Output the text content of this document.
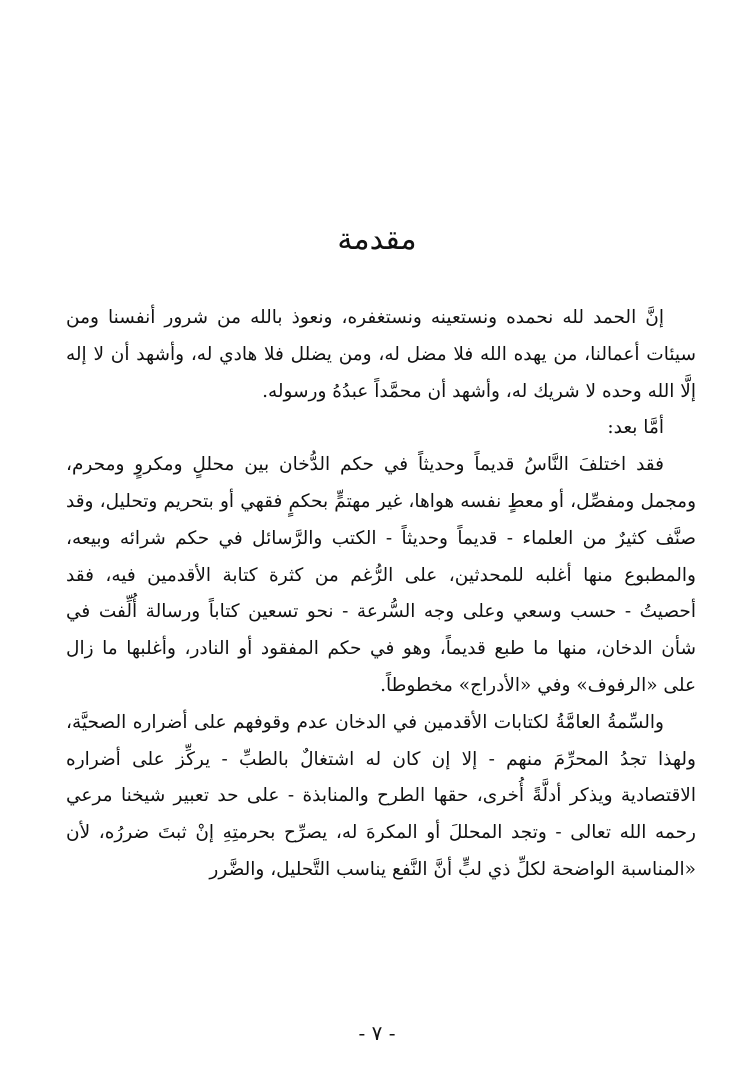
مقدمة

إنَّ الحمد لله نحمده ونستعينه ونستغفره، ونعوذ بالله من شرور أنفسنا ومن سيئات أعمالنا، من يهده الله فلا مضل له، ومن يضلل فلا هادي له، وأشهد أن لا إله إلَّا الله وحده لا شريك له، وأشهد أن محمَّداً عبدُهُ ورسوله.

أمَّا بعد:

فقد اختلفَ النَّاسُ قديماً وحديثاً في حكم الدُّخان بين محللٍ ومكروٍ ومحرم، ومجمل ومفصِّل، أو معطٍ نفسه هواها، غير مهتمٍّ بحكمٍ فقهي أو بتحريم وتحليل، وقد صنَّف كثيرٌ من العلماء - قديماً وحديثاً - الكتب والرَّسائل في حكم شرائه وبيعه، والمطبوع منها أغلبه للمحدثين، على الرُّغم من كثرة كتابة الأقدمين فيه، فقد أحصيتُ - حسب وسعي وعلى وجه السُّرعة - نحو تسعين كتاباً ورسالة أُلِّفت في شأن الدخان، منها ما طبع قديماً، وهو في حكم المفقود أو النادر، وأغلبها ما زال على «الرفوف» وفي «الأدراج» مخطوطاً.

والسِّمةُ العامَّةُ لكتابات الأقدمين في الدخان عدم وقوفهم على أضراره الصحيَّة، ولهذا تجدُ المحرِّمَ منهم - إلا إن كان له اشتغالٌ بالطبِّ - يركِّز على أضراره الاقتصادية ويذكر أدلَّةً أُخرى، حقها الطرح والمنابذة - على حد تعبير شيخنا مرعي رحمه الله تعالى - وتجد المحللَ أو المكرهَ له، يصرِّح بحرمتِهِ إنْ ثبتَ ضررُه، لأن «المناسبة الواضحة لكلِّ ذي لبٍّ أنَّ النَّفع يناسب التَّحليل، والضَّرر

- ٧ -
